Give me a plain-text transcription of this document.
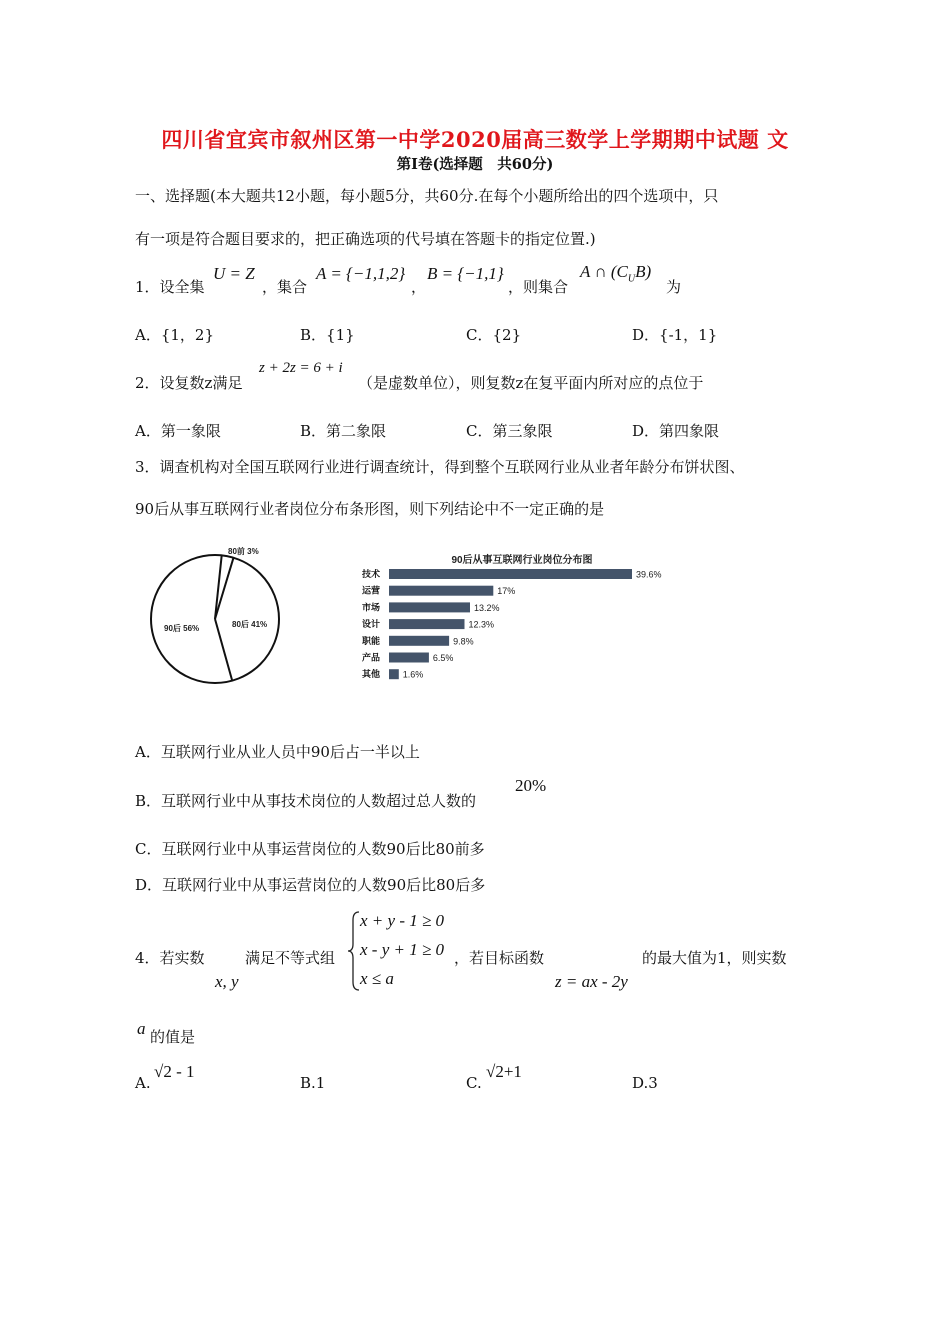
四川省宜宾市叙州区第一中学2020届高三数学上学期期中试题 文
第Ⅰ卷(选择题　共60分)
一、选择题(本大题共12小题，每小题5分，共60分.在每个小题所给出的四个选项中，只
有一项是符合题目要求的，把正确选项的代号填在答题卡的指定位置.)
1．设全集
U = Z
，集合
A = {−1,1,2}
，
B = {−1,1}
，则集合
A ∩ $(C_UB)$
为
A．{1，2}	B．{1}	C．{2}	D．{-1，1}
2．设复数z满足
z + 2z = 6 + i
（是虚数单位），则复数z在复平面内所对应的点位于
A．第一象限	B．第二象限	C．第三象限	D．第四象限
3．调查机构对全国互联网行业进行调查统计，得到整个互联网行业从业者年龄分布饼状图、
90后从事互联网行业者岗位分布条形图，则下列结论中不一定正确的是
80前 3%
80后 41%
90后 56%
90后从事互联网行业岗位分布图
技术	39.6%
运营	17%
市场	13.2%
设计	12.3%
职能	9.8%
产品	6.5%
其他	1.6%
A．互联网行业从业人员中90后占一半以上
B．互联网行业中从事技术岗位的人数超过总人数的
20%
C．互联网行业中从事运营岗位的人数90后比80前多
D．互联网行业中从事运营岗位的人数90后比80后多
4．若实数
x, y
满足不等式组
x + y - 1 ≥ 0
x - y + 1 ≥ 0
x ≤ a
，若目标函数
z = ax - 2y
的最大值为1，则实数
a 的值是
A.
√2 - 1
B.1	C.
√2+1
D.3
